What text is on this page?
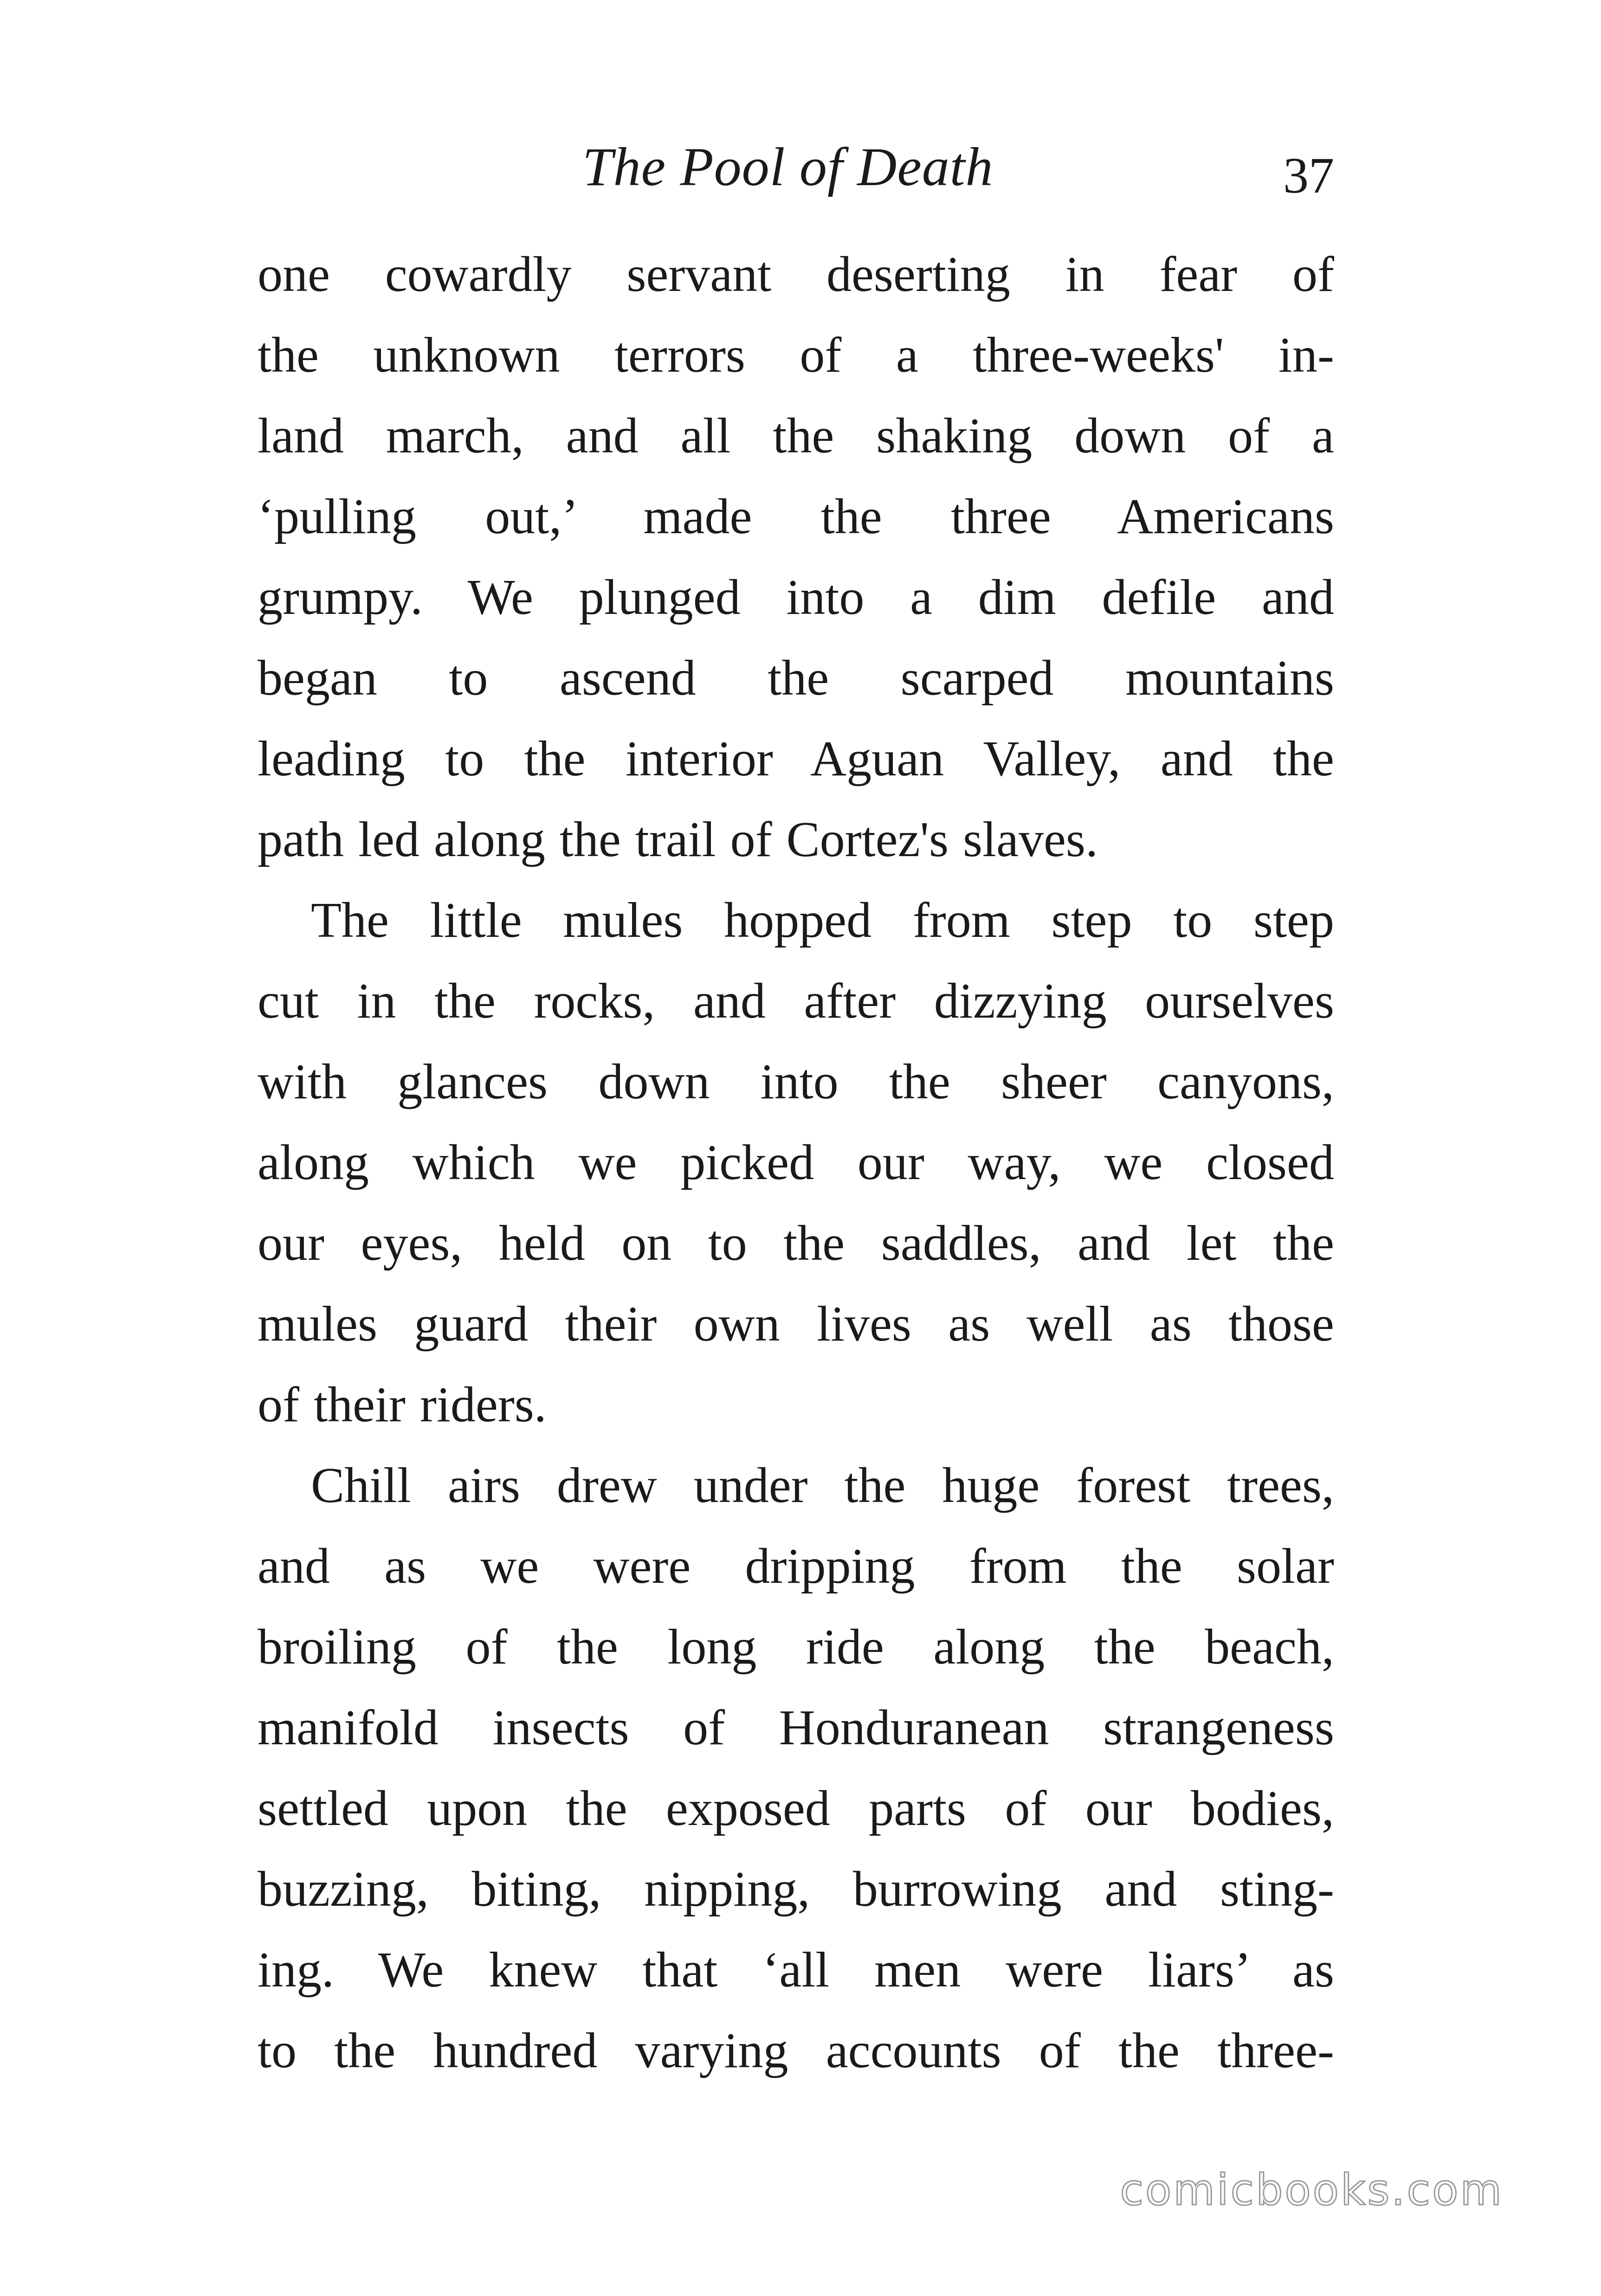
The Pool of Death	37
one cowardly servant deserting in fear of
the unknown terrors of a three-weeks' in-
land march, and all the shaking down of a
‘pulling out,’ made the three Americans
grumpy. We plunged into a dim defile and
began to ascend the scarped mountains
leading to the interior Aguan Valley, and the
path led along the trail of Cortez's slaves.
The little mules hopped from step to step
cut in the rocks, and after dizzying ourselves
with glances down into the sheer canyons,
along which we picked our way, we closed
our eyes, held on to the saddles, and let the
mules guard their own lives as well as those
of their riders.
Chill airs drew under the huge forest trees,
and as we were dripping from the solar
broiling of the long ride along the beach,
manifold insects of Honduranean strangeness
settled upon the exposed parts of our bodies,
buzzing, biting, nipping, burrowing and sting-
ing. We knew that ‘all men were liars’ as
to the hundred varying accounts of the three-
comicbooks.com
